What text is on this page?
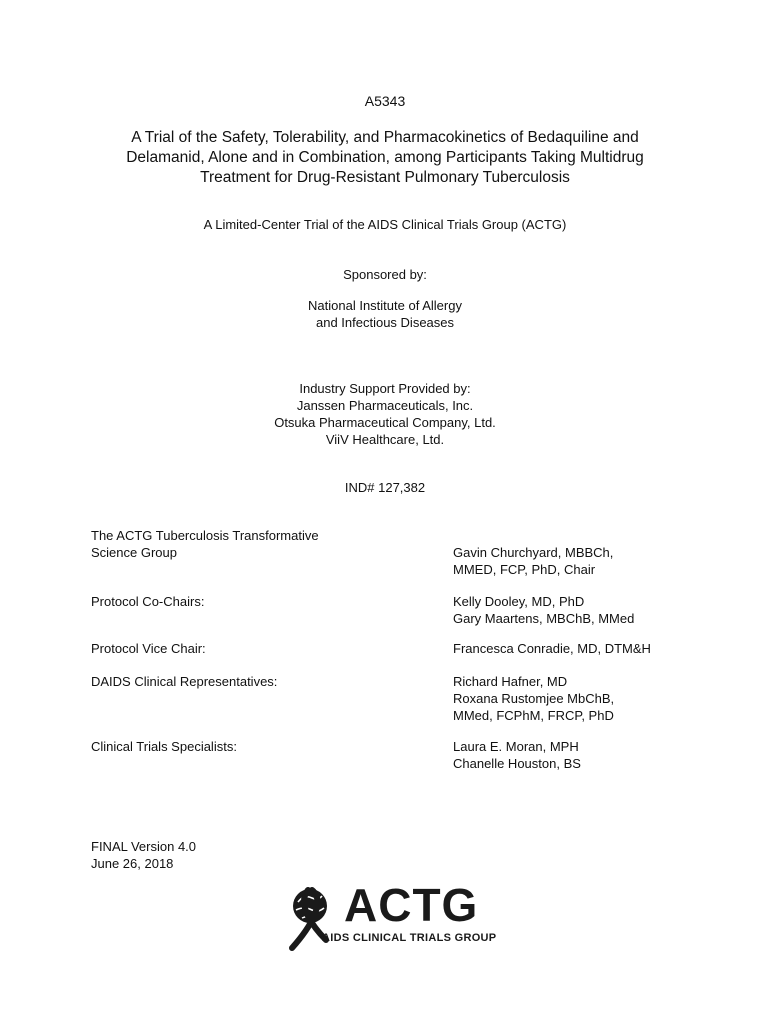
A5343
A Trial of the Safety, Tolerability, and Pharmacokinetics of Bedaquiline and
Delamanid, Alone and in Combination, among Participants Taking Multidrug
Treatment for Drug-Resistant Pulmonary Tuberculosis
A Limited-Center Trial of the AIDS Clinical Trials Group (ACTG)
Sponsored by:
National Institute of Allergy
and Infectious Diseases
Industry Support Provided by:
Janssen Pharmaceuticals, Inc.
Otsuka Pharmaceutical Company, Ltd.
ViiV Healthcare, Ltd.
IND# 127,382
The ACTG Tuberculosis Transformative
Science Group	Gavin Churchyard, MBBCh,
MMED, FCP, PhD, Chair
Protocol Co-Chairs:	Kelly Dooley, MD, PhD
Gary Maartens, MBChB, MMed
Protocol Vice Chair:	Francesca Conradie, MD, DTM&H
DAIDS Clinical Representatives:	Richard Hafner, MD
Roxana Rustomjee MbChB,
MMed, FCPhM, FRCP, PhD
Clinical Trials Specialists:	Laura E. Moran, MPH
Chanelle Houston, BS
FINAL Version 4.0
June 26, 2018
ACTG
AIDS CLINICAL TRIALS GROUP
